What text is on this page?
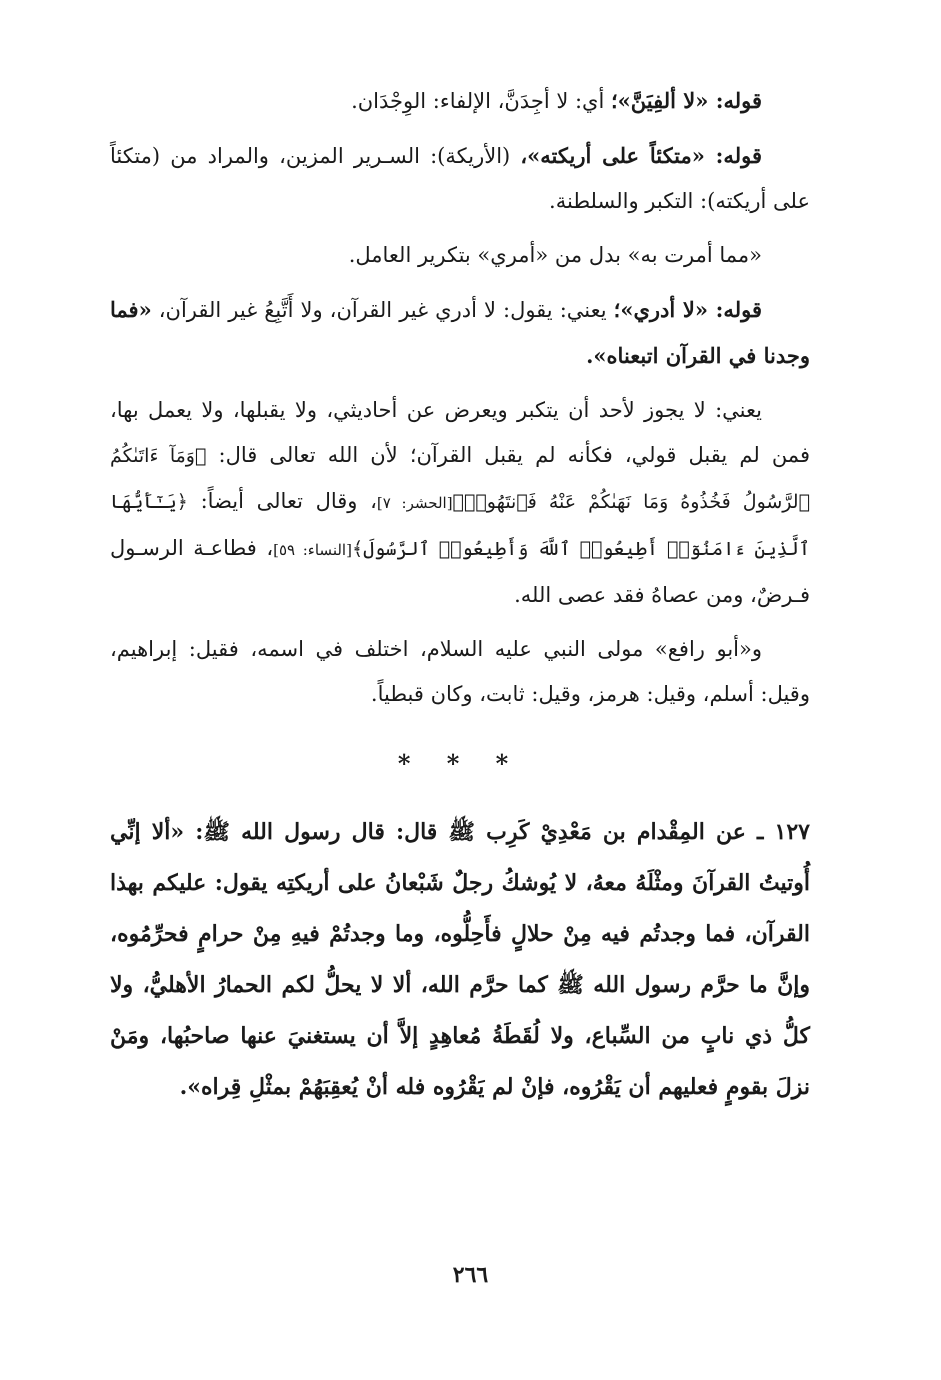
قوله: «لا ألفِيَنَّ»؛ أي: لا أجِدَنَّ، الإلفاء: الوِجْدَان.

قوله: «متكئاً على أريكته»، (الأريكة): السـرير المزين، والمراد من (متكئاً على أريكته): التكبر والسلطنة.

«مما أمرت به» بدل من «أمري» بتكرير العامل.

قوله: «لا أدري»؛ يعني: يقول: لا أدري غير القرآن، ولا أَتَّبِعُ غير القرآن، «فما وجدنا في القرآن اتبعناه».

يعني: لا يجوز لأحد أن يتكبر ويعرض عن أحاديثي، ولا يقبلها، ولا يعمل بها، فمن لم يقبل قولي، فكأنه لم يقبل القرآن؛ لأن الله تعالى قال: ﴿وَمَآ ءَاتَىٰكُمُ ٱلرَّسُولُ فَخُذُوهُ وَمَا نَهَىٰكُمْ عَنْهُ فَٱنتَهُوا۟﴾[الحشر: ٧]، وقال تعالى أيضاً: ﴿يَـٰٓأَيُّهَا ٱلَّذِينَ ءَامَنُوٓا۟ أَطِيعُوا۟ ٱللَّهَ وَأَطِيعُوا۟ ٱلرَّسُولَ﴾[النساء: ٥٩]، فطاعـة الرسـول فـرضٌ، ومن عصاهُ فقد عصى الله.

و«أبو رافع» مولى النبي عليه السلام، اختلف في اسمه، فقيل: إبراهيم، وقيل: أسلم، وقيل: هرمز، وقيل: ثابت، وكان قبطياً.

* * *

١٢٧ ـ عن المِقْدام بن مَعْدِيْ كَرِب ﷺ قال: قال رسول الله ﷺ: «ألا إنِّي أُوتيتُ القرآنَ ومثْلَهُ معهُ، لا يُوشكُ رجلٌ شَبْعانُ على أريكتِه يقول: عليكم بهذا القرآن، فما وجدتُم فيه مِنْ حلالٍ فأَحِلُّوه، وما وجدتُمْ فيهِ مِنْ حرامٍ فحرِّمُوه، وإنَّ ما حرَّم رسول الله ﷺ كما حرَّم الله، ألا لا يحلُّ لكم الحمارُ الأهليُّ، ولا كلُّ ذي نابٍ من السِّباع، ولا لُقَطَةُ مُعاهِدٍ إلاَّ أن يستغنيَ عنها صاحبُها، ومَنْ نزلَ بقومٍ فعليهم أن يَقْرُوه، فإنْ لم يَقْرُوه فله أنْ يُعقِبَهُمْ بمثْلِ قِراه».

٢٦٦
